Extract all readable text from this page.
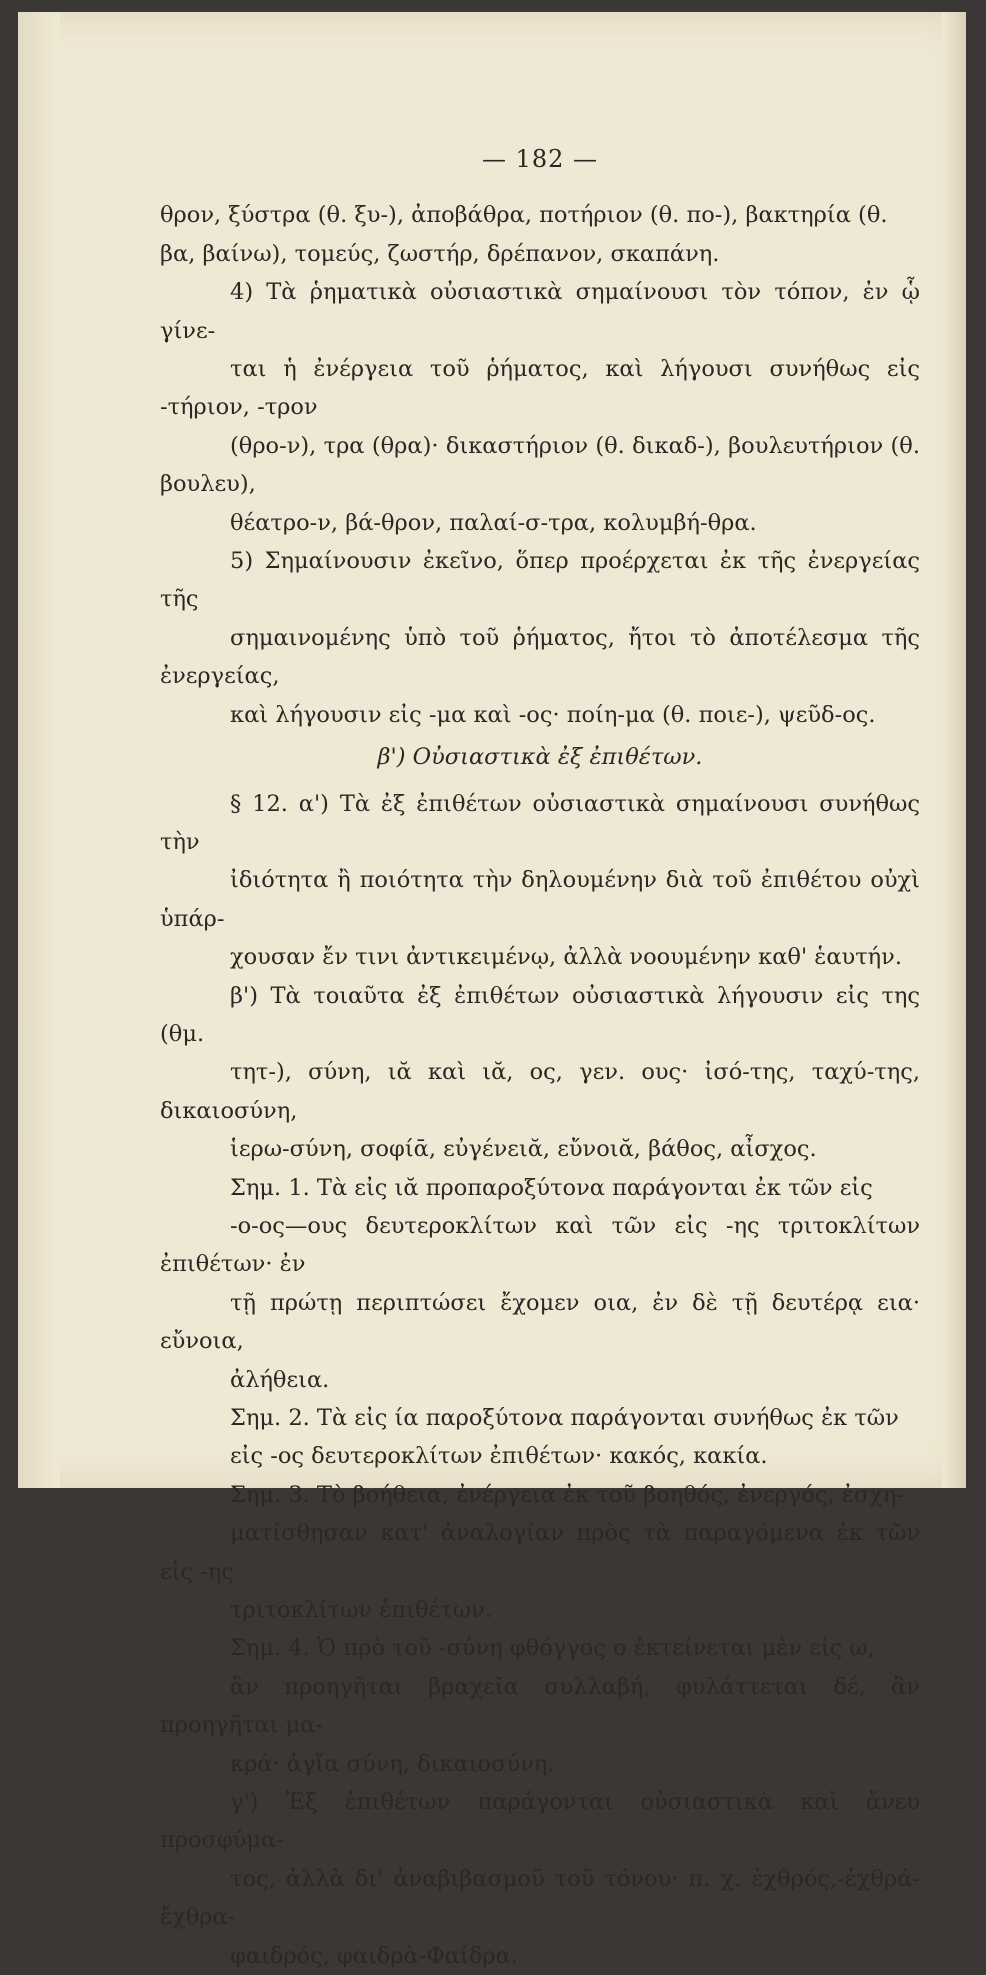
— 182 —

θρον, ξύστρα (θ. ξυ-), ἀποβάθρα, ποτήριον (θ. πο-), βακτηρία (θ.
βα, βαίνω), τομεύς, ζωστήρ, δρέπανον, σκαπάνη.

4) Τὰ ῥηματικὰ οὐσιαστικὰ σημαίνουσι τὸν τόπον, ἐν ᾧ γίνε-
ται ἡ ἐνέργεια τοῦ ῥήματος, καὶ λήγουσι συνήθως εἰς -τήριον, -τρον
(θρο-ν), τρα (θρα)· δικαστήριον (θ. δικαδ-), βουλευτήριον (θ. βουλευ),
θέατρο-ν, βά-θρον, παλαί-σ-τρα, κολυμβή-θρα.

5) Σημαίνουσιν ἐκεῖνο, ὅπερ προέρχεται ἐκ τῆς ἐνεργείας τῆς
σημαινομένης ὑπὸ τοῦ ῥήματος, ἤτοι τὸ ἀποτέλεσμα τῆς ἐνεργείας,
καὶ λήγουσιν εἰς -μα καὶ -ος· ποίη-μα (θ. ποιε-), ψεῦδ-ος.

β') Οὐσιαστικὰ ἐξ ἐπιθέτων.

§ 12. α') Τὰ ἐξ ἐπιθέτων οὐσιαστικὰ σημαίνουσι συνήθως τὴν
ἰδιότητα ἢ ποιότητα τὴν δηλουμένην διὰ τοῦ ἐπιθέτου οὐχὶ ὑπάρ-
χουσαν ἔν τινι ἀντικειμένῳ, ἀλλὰ νοουμένην καθ' ἑαυτήν.

β') Τὰ τοιαῦτα ἐξ ἐπιθέτων οὐσιαστικὰ λήγουσιν εἰς της (θμ.
τητ-), σύνη, ιᾰ καὶ ιᾰ, ος, γεν. ους· ἰσό-της, ταχύ-της, δικαιοσύνη,
ἱερω-σύνη, σοφίᾱ, εὐγένειᾰ, εὔνοιᾰ, βάθος, αἶσχος.

Σημ. 1. Τὰ εἰς ιᾰ προπαροξύτονα παράγονται ἐκ τῶν εἰς
-ο-ος—ους δευτεροκλίτων καὶ τῶν εἰς -ης τριτοκλίτων ἐπιθέτων· ἐν
τῇ πρώτῃ περιπτώσει ἔχομεν οια, ἐν δὲ τῇ δευτέρᾳ εια· εὔνοια,
ἀλήθεια.

Σημ. 2. Τὰ εἰς ία παροξύτονα παράγονται συνήθως ἐκ τῶν
εἰς -ος δευτεροκλίτων ἐπιθέτων· κακός, κακία.

Σημ. 3. Τὸ βοήθεια, ἐνέργεια ἐκ τοῦ βοηθός, ἐνεργός, ἐσχη-
ματίσθησαν κατ' ἀναλογίαν πρὸς τὰ παραγόμενα ἐκ τῶν εἰς -ης
τριτοκλίτων ἐπιθέτων.

Σημ. 4. Ὁ πρὸ τοῦ -σύνη φθόγγος ο ἐκτείνεται μὲν εἰς ω,
ἂν προηγῆται βραχεῖα συλλαβή, φυλάττεται δέ, ἂν προηγῆται μα-
κρά· ἀγἴα σύνη, δικαιοσύνη.

γ') Ἐξ ἐπιθέτων παράγονται οὐσιαστικὰ καὶ ἄνευ προσφύμα-
τος, ἀλλὰ δι' ἀναβιβασμοῦ τοῦ τόνου· π. χ. ἐχθρός,-ἐχθρά-ἔχθρα-
φαιδρός, φαιδρὰ-Φαίδρα.
